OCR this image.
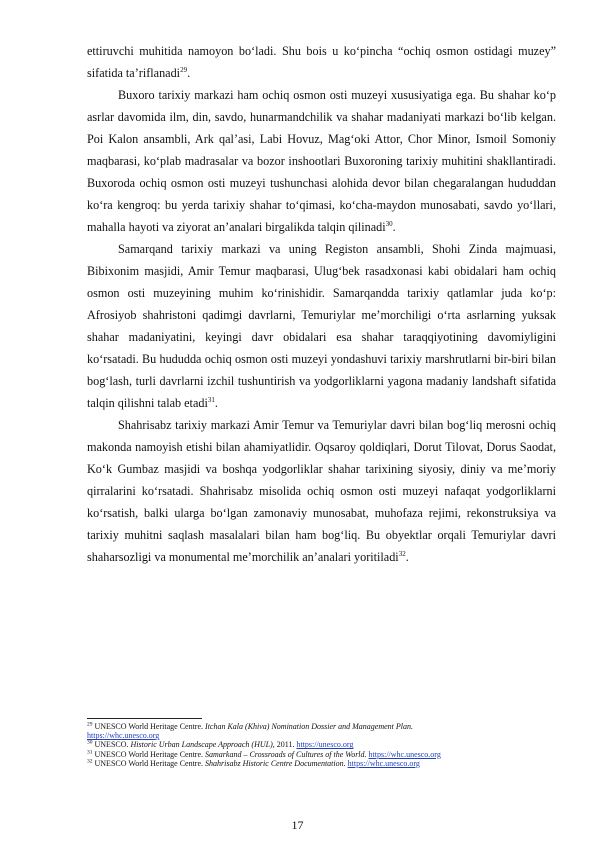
ettiruvchi muhitida namoyon bo‘ladi. Shu bois u ko‘pincha “ochiq osmon ostidagi muzey” sifatida ta’riflanadi$^{29}$.

Buxoro tarixiy markazi ham ochiq osmon osti muzeyi xususiyatiga ega. Bu shahar ko‘p asrlar davomida ilm, din, savdo, hunarmandchilik va shahar madaniyati markazi bo‘lib kelgan. Poi Kalon ansambli, Ark qal’asi, Labi Hovuz, Mag‘oki Attor, Chor Minor, Ismoil Somoniy maqbarasi, ko‘plab madrasalar va bozor inshootlari Buxoroning tarixiy muhitini shakllantiradi. Buxoroda ochiq osmon osti muzeyi tushunchasi alohida devor bilan chegaralangan hududdan ko‘ra kengroq: bu yerda tarixiy shahar to‘qimasi, ko‘cha-maydon munosabati, savdo yo‘llari, mahalla hayoti va ziyorat an’analari birgalikda talqin qilinadi$^{30}$.

Samarqand tarixiy markazi va uning Registon ansambli, Shohi Zinda majmuasi, Bibixonim masjidi, Amir Temur maqbarasi, Ulug‘bek rasadxonasi kabi obidalari ham ochiq osmon osti muzeyining muhim ko‘rinishidir. Samarqandda tarixiy qatlamlar juda ko‘p: Afrosiyob shahristoni qadimgi davrlarni, Temuriylar me’morchiligi o‘rta asrlarning yuksak shahar madaniyatini, keyingi davr obidalari esa shahar taraqqiyotining davomiyligini ko‘rsatadi. Bu hududda ochiq osmon osti muzeyi yondashuvi tarixiy marshrutlarni bir-biri bilan bog‘lash, turli davrlarni izchil tushuntirish va yodgorliklarni yagona madaniy landshaft sifatida talqin qilishni talab etadi$^{31}$.

Shahrisabz tarixiy markazi Amir Temur va Temuriylar davri bilan bog‘liq merosni ochiq makonda namoyish etishi bilan ahamiyatlidir. Oqsaroy qoldiqlari, Dorut Tilovat, Dorus Saodat, Ko‘k Gumbaz masjidi va boshqa yodgorliklar shahar tarixining siyosiy, diniy va me’moriy qirralarini ko‘rsatadi. Shahrisabz misolida ochiq osmon osti muzeyi nafaqat yodgorliklarni ko‘rsatish, balki ularga bo‘lgan zamonaviy munosabat, muhofaza rejimi, rekonstruksiya va tarixiy muhitni saqlash masalalari bilan ham bog‘liq. Bu obyektlar orqali Temuriylar davri shaharsozligi va monumental me’morchilik an’analari yoritiladi$^{32}$.

$^{29}$ UNESCO World Heritage Centre. Itchan Kala (Khiva) Nomination Dossier and Management Plan.
https://whc.unesco.org

$^{30}$ UNESCO. Historic Urban Landscape Approach (HUL), 2011. https://unesco.org

$^{31}$ UNESCO World Heritage Centre. Samarkand – Crossroads of Cultures of the World. https://whc.unesco.org

$^{32}$ UNESCO World Heritage Centre. Shahrisabz Historic Centre Documentation. https://whc.unesco.org

17
